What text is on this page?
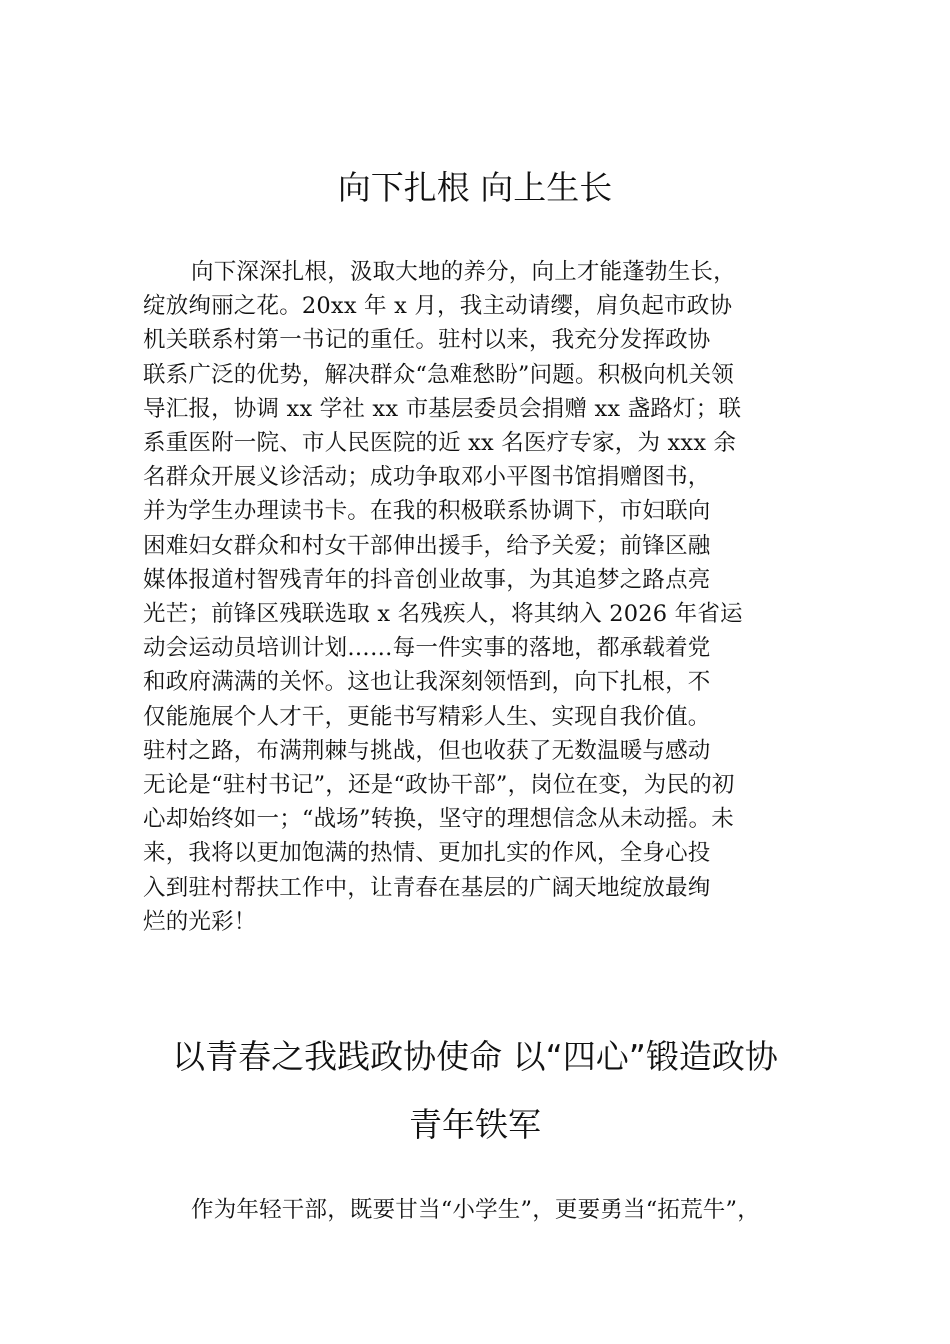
向下扎根 向上生长
向下深深扎根，汲取大地的养分，向上才能蓬勃生长，
绽放绚丽之花。20xx 年 x 月，我主动请缨，肩负起市政协
机关联系村第一书记的重任。驻村以来，我充分发挥政协
联系广泛的优势，解决群众“急难愁盼”问题。积极向机关领
导汇报，协调 xx 学社 xx 市基层委员会捐赠 xx 盏路灯；联
系重医附一院、市人民医院的近 xx 名医疗专家，为 xxx 余
名群众开展义诊活动；成功争取邓小平图书馆捐赠图书，
并为学生办理读书卡。在我的积极联系协调下，市妇联向
困难妇女群众和村女干部伸出援手，给予关爱；前锋区融
媒体报道村智残青年的抖音创业故事，为其追梦之路点亮
光芒；前锋区残联选取 x 名残疾人，将其纳入 2026 年省运
动会运动员培训计划……每一件实事的落地，都承载着党
和政府满满的关怀。这也让我深刻领悟到，向下扎根，不
仅能施展个人才干，更能书写精彩人生、实现自我价值。
驻村之路，布满荆棘与挑战，但也收获了无数温暖与感动
无论是“驻村书记”，还是“政协干部”，岗位在变，为民的初
心却始终如一；“战场”转换，坚守的理想信念从未动摇。未
来，我将以更加饱满的热情、更加扎实的作风，全身心投
入到驻村帮扶工作中，让青春在基层的广阔天地绽放最绚
烂的光彩！
以青春之我践政协使命 以“四心”锻造政协
青年铁军
作为年轻干部，既要甘当“小学生”，更要勇当“拓荒牛”，
